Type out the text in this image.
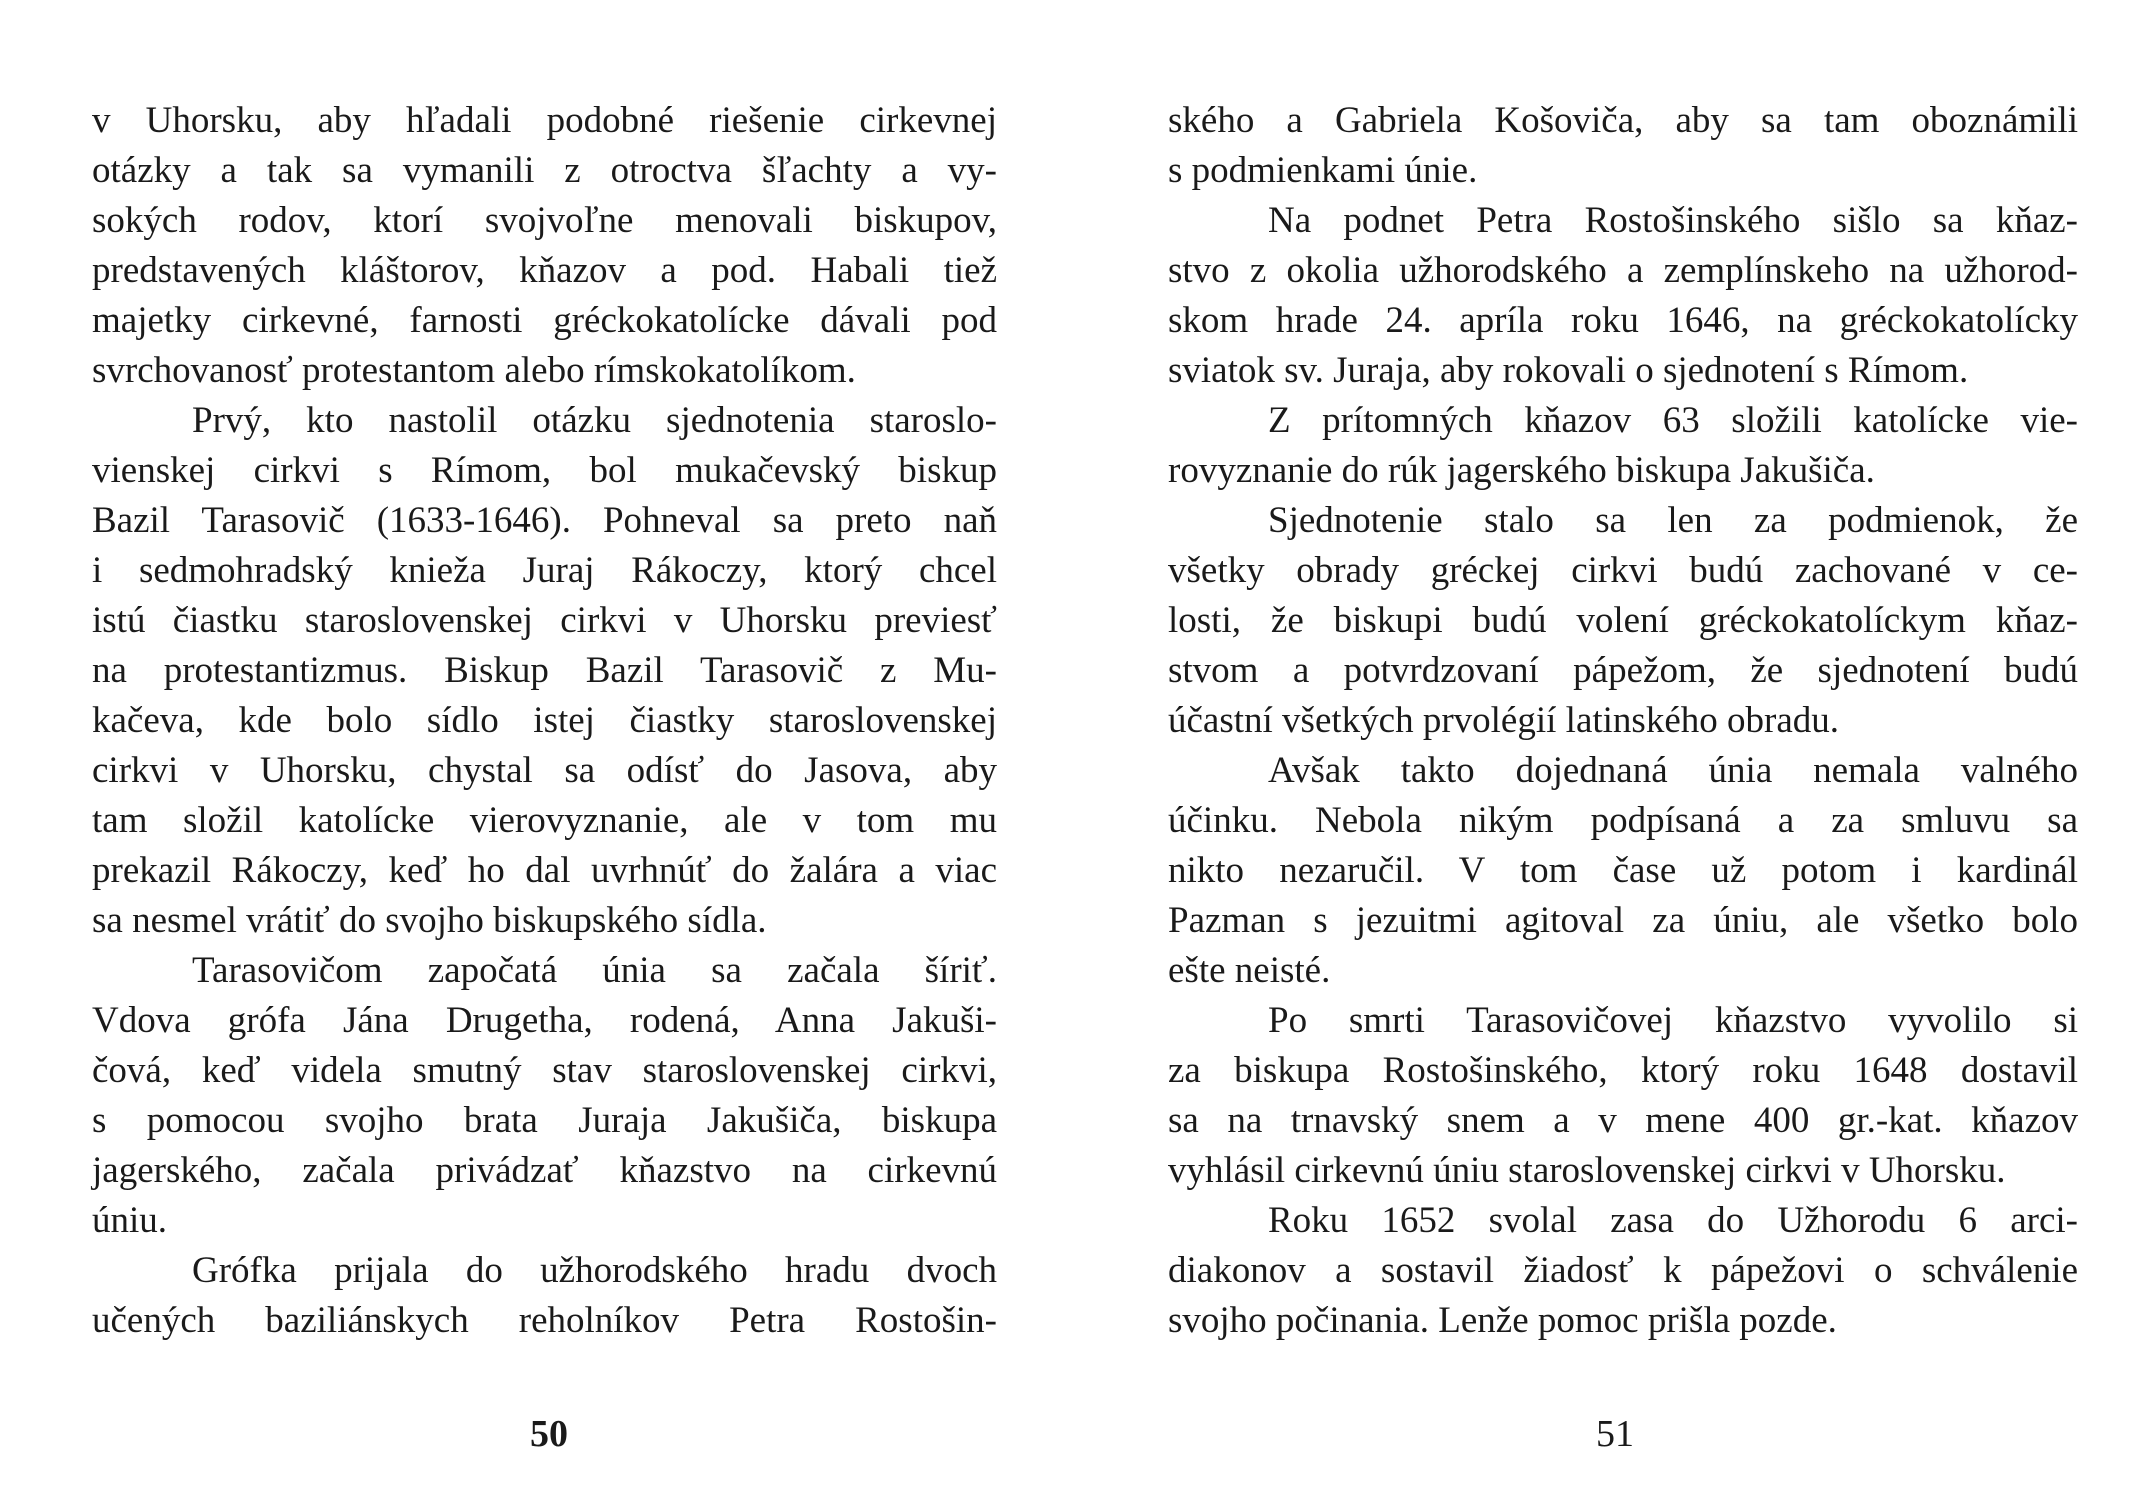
v Uhorsku, aby hľadali podobné riešenie cirkevnej
otázky a tak sa vymanili z otroctva šľachty a vy-
sokých rodov, ktorí svojvoľne menovali biskupov,
predstavených kláštorov, kňazov a pod. Habali tiež
majetky cirkevné, farnosti gréckokatolícke dávali pod
svrchovanosť protestantom alebo rímskokatolíkom.
Prvý, kto nastolil otázku sjednotenia staroslo-
vienskej cirkvi s Rímom, bol mukačevský biskup
Bazil Tarasovič (1633-1646). Pohneval sa preto naň
i sedmohradský knieža Juraj Rákoczy, ktorý chcel
istú čiastku staroslovenskej cirkvi v Uhorsku previesť
na protestantizmus. Biskup Bazil Tarasovič z Mu-
kačeva, kde bolo sídlo istej čiastky staroslovenskej
cirkvi v Uhorsku, chystal sa odísť do Jasova, aby
tam složil katolícke vierovyznanie, ale v tom mu
prekazil Rákoczy, keď ho dal uvrhnúť do žalára a viac
sa nesmel vrátiť do svojho biskupského sídla.
Tarasovičom započatá únia sa začala šíriť.
Vdova grófa Jána Drugetha, rodená, Anna Jakuši-
čová, keď videla smutný stav staroslovenskej cirkvi,
s pomocou svojho brata Juraja Jakušiča, biskupa
jagerského, začala privádzať kňazstvo na cirkevnú
úniu.
Grófka prijala do užhorodského hradu dvoch
učených baziliánskych reholníkov Petra Rostošin-
ského a Gabriela Košoviča, aby sa tam oboznámili
s podmienkami únie.
Na podnet Petra Rostošinského sišlo sa kňaz-
stvo z okolia užhorodského a zemplínskeho na užhorod-
skom hrade 24. apríla roku 1646, na gréckokatolícky
sviatok sv. Juraja, aby rokovali o sjednotení s Rímom.
Z prítomných kňazov 63 složili katolícke vie-
rovyznanie do rúk jagerského biskupa Jakušiča.
Sjednotenie stalo sa len za podmienok, že
všetky obrady gréckej cirkvi budú zachované v ce-
losti, že biskupi budú volení gréckokatolíckym kňaz-
stvom a potvrdzovaní pápežom, že sjednotení budú
účastní všetkých prvolégií latinského obradu.
Avšak takto dojednaná únia nemala valného
účinku. Nebola nikým podpísaná a za smluvu sa
nikto nezaručil. V tom čase už potom i kardinál
Pazman s jezuitmi agitoval za úniu, ale všetko bolo
ešte neisté.
Po smrti Tarasovičovej kňazstvo vyvolilo si
za biskupa Rostošinského, ktorý roku 1648 dostavil
sa na trnavský snem a v mene 400 gr.-kat. kňazov
vyhlásil cirkevnú úniu staroslovenskej cirkvi v Uhorsku.
Roku 1652 svolal zasa do Užhorodu 6 arci-
diakonov a sostavil žiadosť k pápežovi o schválenie
svojho počinania. Lenže pomoc prišla pozde.
50	51
